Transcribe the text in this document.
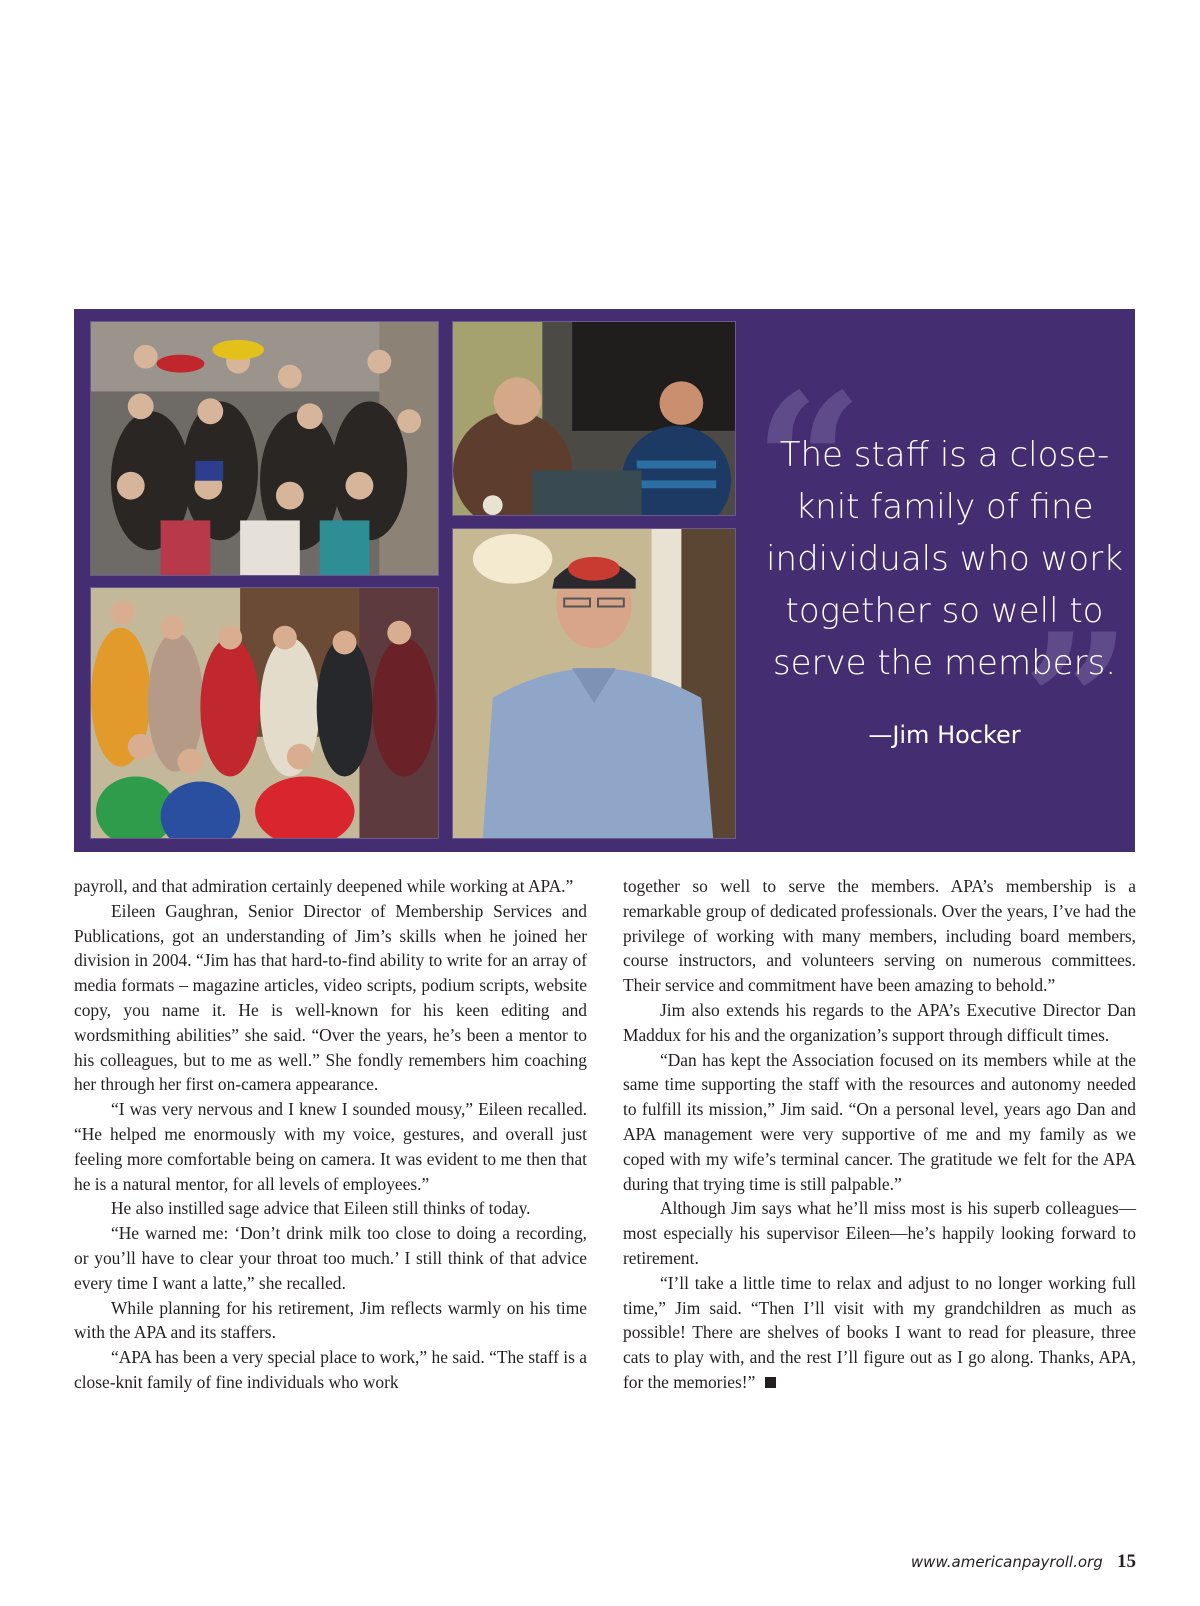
“
”
The staff is a close-knit family of fine individuals who work together so well to serve the members.
—Jim Hocker

payroll, and that admiration certainly deepened while working at APA.”

Eileen Gaughran, Senior Director of Membership Services and Publications, got an understanding of Jim’s skills when he joined her division in 2004. “Jim has that hard-to-find ability to write for an array of media formats – magazine articles, video scripts, podium scripts, website copy, you name it. He is well-known for his keen editing and wordsmithing abilities” she said. “Over the years, he’s been a mentor to his colleagues, but to me as well.” She fondly remembers him coaching her through her first on-camera appearance.

“I was very nervous and I knew I sounded mousy,” Eileen recalled. “He helped me enormously with my voice, gestures, and overall just feeling more comfortable being on camera. It was evident to me then that he is a natural mentor, for all levels of employees.”

He also instilled sage advice that Eileen still thinks of today.

“He warned me: ‘Don’t drink milk too close to doing a recording, or you’ll have to clear your throat too much.’ I still think of that advice every time I want a latte,” she recalled.

While planning for his retirement, Jim reflects warmly on his time with the APA and its staffers.

“APA has been a very special place to work,” he said. “The staff is a close-knit family of fine individuals who work

together so well to serve the members. APA’s membership is a remarkable group of dedicated professionals. Over the years, I’ve had the privilege of working with many members, including board members, course instructors, and volunteers serving on numerous committees. Their service and commitment have been amazing to behold.”

Jim also extends his regards to the APA’s Executive Director Dan Maddux for his and the organization’s support through difficult times.

“Dan has kept the Association focused on its members while at the same time supporting the staff with the resources and autonomy needed to fulfill its mission,” Jim said. “On a personal level, years ago Dan and APA management were very supportive of me and my family as we coped with my wife’s terminal cancer. The gratitude we felt for the APA during that trying time is still palpable.”

Although Jim says what he’ll miss most is his superb colleagues—most especially his supervisor Eileen—he’s happily looking forward to retirement.

“I’ll take a little time to relax and adjust to no longer working full time,” Jim said. “Then I’ll visit with my grandchildren as much as possible! There are shelves of books I want to read for pleasure, three cats to play with, and the rest I’ll figure out as I go along. Thanks, APA, for the memories!”

www.americanpayroll.org 15
